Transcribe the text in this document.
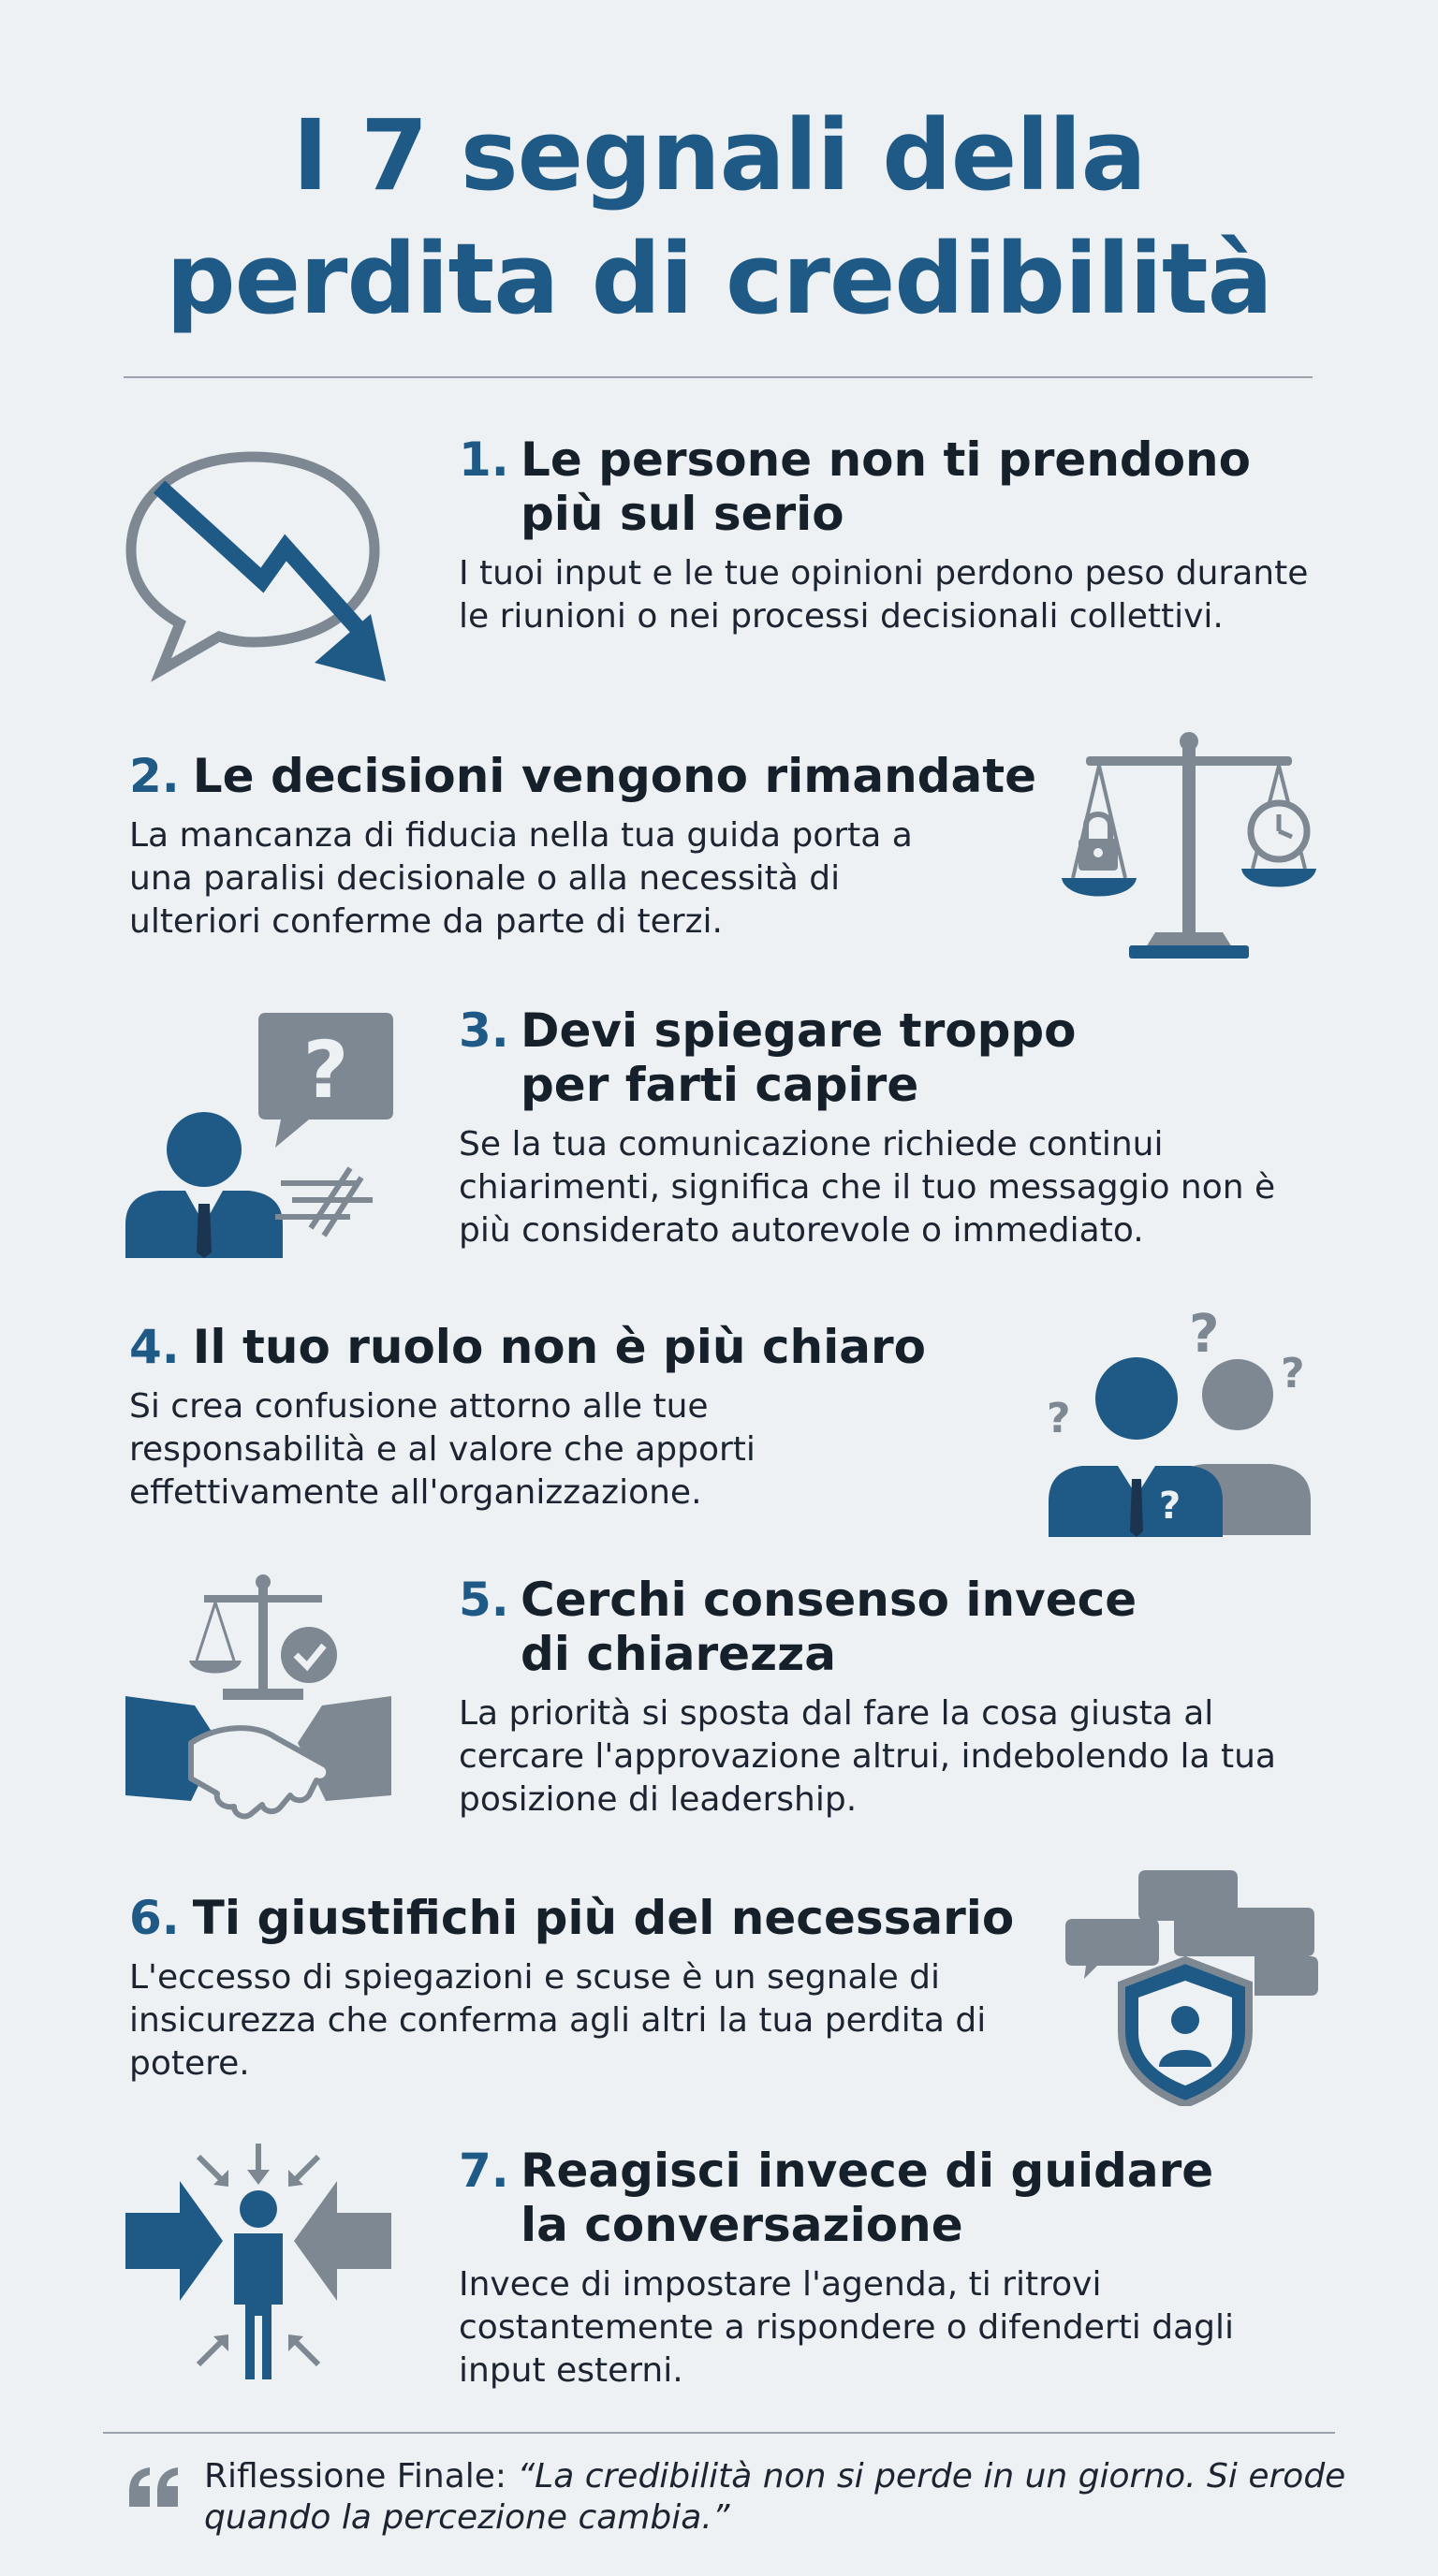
I 7 segnali della
perdita di credibilità
1. Le persone non ti prendono
più sul serio

I tuoi input e le tue opinioni perdono peso durante le riunioni o nei processi decisionali collettivi.

2. Le decisioni vengono rimandate

La mancanza di fiducia nella tua guida porta a una paralisi decisionale o alla necessità di ulteriori conferme da parte di terzi.

? 3. Devi spiegare troppo
per farti capire

Se la tua comunicazione richiede continui chiarimenti, significa che il tuo messaggio non è più considerato autorevole o immediato.

4. Il tuo ruolo non è più chiaro

Si crea confusione attorno alle tue responsabilità e al valore che apporti effettivamente all'organizzazione.

?
?
?
?
5. Cerchi consenso invece
di chiarezza

La priorità si sposta dal fare la cosa giusta al cercare l'approvazione altrui, indebolendo la tua posizione di leadership.

6. Ti giustifichi più del necessario

L'eccesso di spiegazioni e scuse è un segnale di insicurezza che conferma agli altri la tua perdita di potere.

7. Reagisci invece di guidare
la conversazione

Invece di impostare l'agenda, ti ritrovi costantemente a rispondere o difenderti dagli input esterni.

Riflessione Finale: “La credibilità non si perde in un giorno. Si erode quando la percezione cambia.”
